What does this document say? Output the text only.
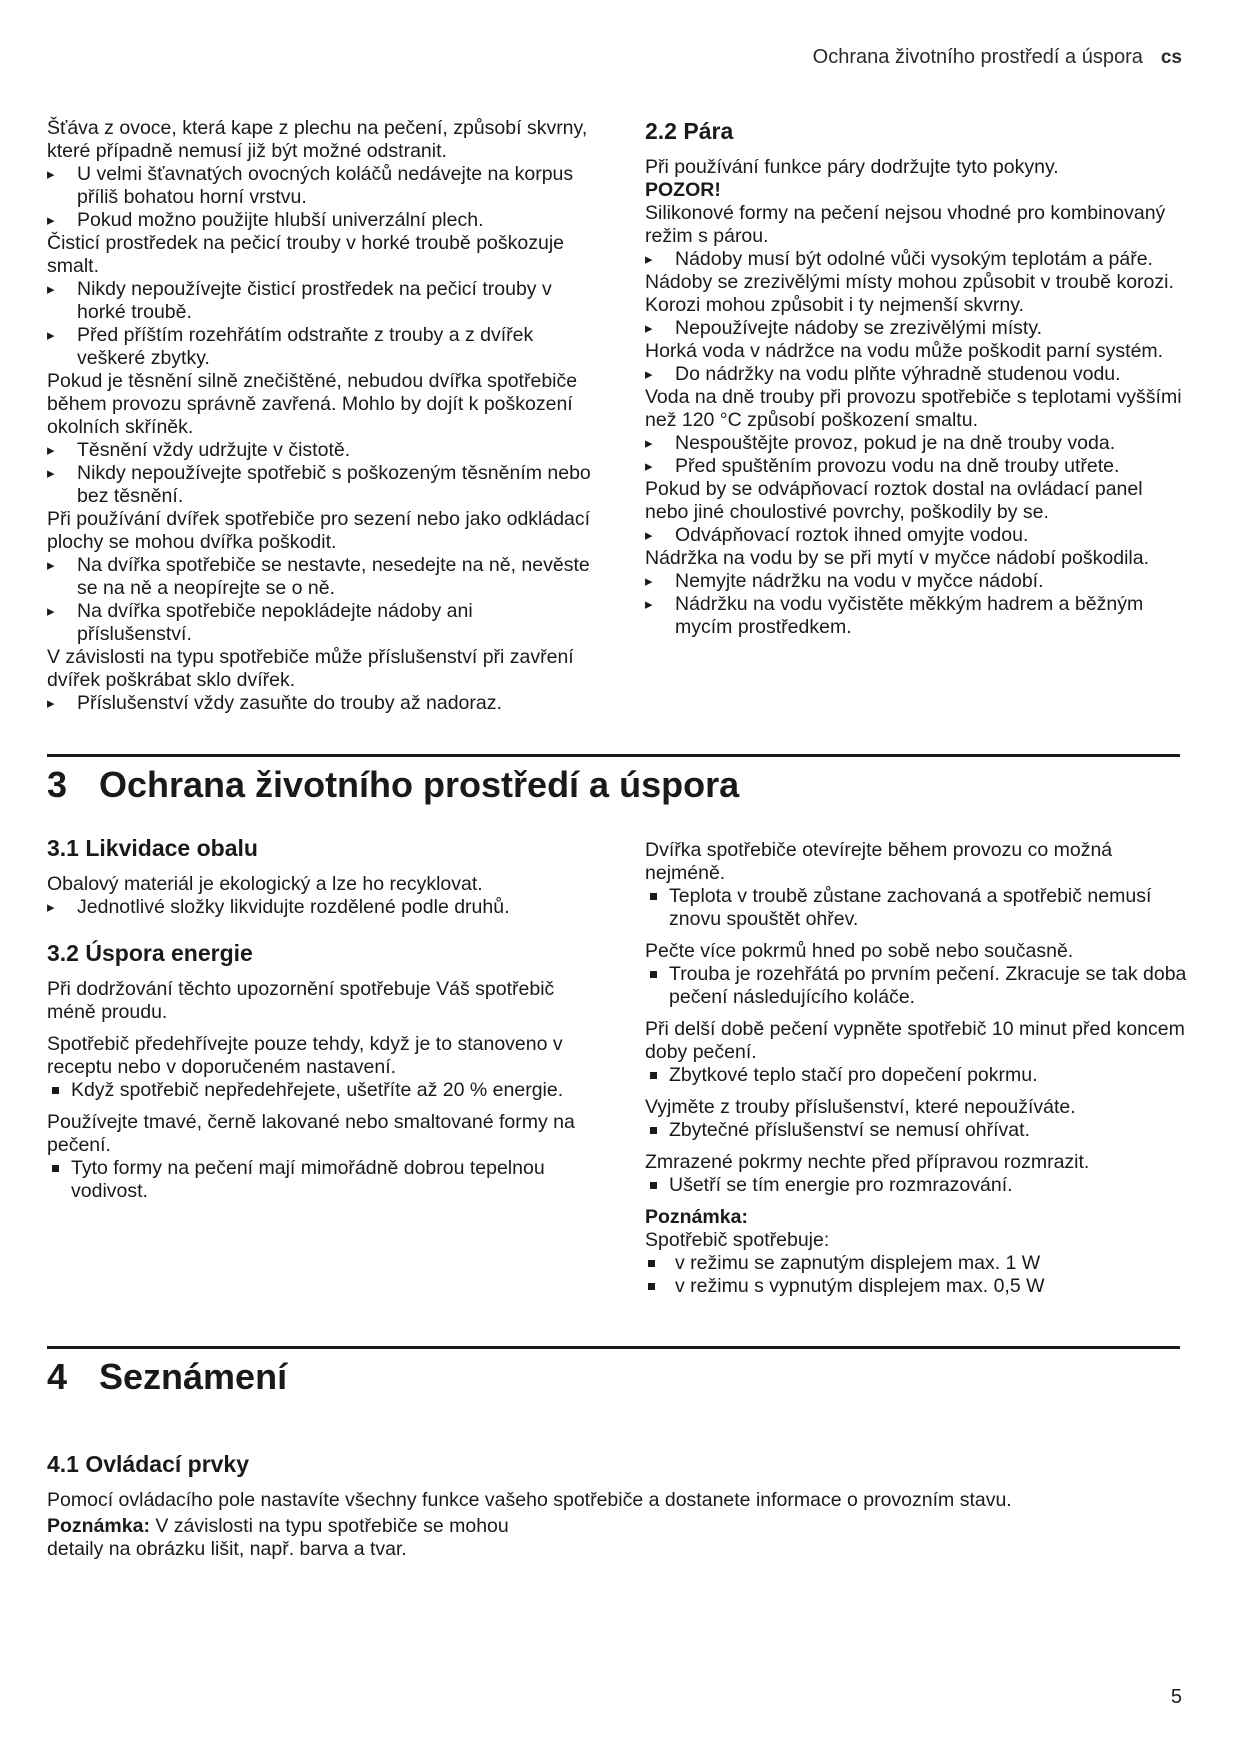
Ochrana životního prostředí a úspora cs

Šťáva z ovoce, která kape z plechu na pečení, způsobí skvrny, které případně nemusí již být možné odstranit.

▸ U velmi šťavnatých ovocných koláčů nedávejte na korpus příliš bohatou horní vrstvu.

▸ Pokud možno použijte hlubší univerzální plech.

Čisticí prostředek na pečicí trouby v horké troubě poškozuje smalt.

▸ Nikdy nepoužívejte čisticí prostředek na pečicí trouby v horké troubě.

▸ Před příštím rozehřátím odstraňte z trouby a z dvířek veškeré zbytky.

Pokud je těsnění silně znečištěné, nebudou dvířka spotřebiče během provozu správně zavřená. Mohlo by dojít k poškození okolních skříněk.

▸ Těsnění vždy udržujte v čistotě.

▸ Nikdy nepoužívejte spotřebič s poškozeným těsněním nebo bez těsnění.

Při používání dvířek spotřebiče pro sezení nebo jako odkládací plochy se mohou dvířka poškodit.

▸ Na dvířka spotřebiče se nestavte, nesedejte na ně, nevěste se na ně a neopírejte se o ně.

▸ Na dvířka spotřebiče nepokládejte nádoby ani příslušenství.

V závislosti na typu spotřebiče může příslušenství při zavření dvířek poškrábat sklo dvířek.

▸ Příslušenství vždy zasuňte do trouby až nadoraz.

2.2 Pára

Při používání funkce páry dodržujte tyto pokyny.

POZOR!

Silikonové formy na pečení nejsou vhodné pro kombinovaný režim s párou.

▸ Nádoby musí být odolné vůči vysokým teplotám a páře.

Nádoby se zrezivělými místy mohou způsobit v troubě korozi. Korozi mohou způsobit i ty nejmenší skvrny.

▸ Nepoužívejte nádoby se zrezivělými místy.

Horká voda v nádržce na vodu může poškodit parní systém.

▸ Do nádržky na vodu plňte výhradně studenou vodu.

Voda na dně trouby při provozu spotřebiče s teplotami vyššími než 120 °C způsobí poškození smaltu.

▸ Nespouštějte provoz, pokud je na dně trouby voda.

▸ Před spuštěním provozu vodu na dně trouby utřete.

Pokud by se odvápňovací roztok dostal na ovládací panel nebo jiné choulostivé povrchy, poškodily by se.

▸ Odvápňovací roztok ihned omyjte vodou.

Nádržka na vodu by se při mytí v myčce nádobí poškodila.

▸ Nemyjte nádržku na vodu v myčce nádobí.

▸ Nádržku na vodu vyčistěte měkkým hadrem a běžným mycím prostředkem.

3 Ochrana životního prostředí a úspora
3.1 Likvidace obalu

Obalový materiál je ekologický a lze ho recyklovat.

▸ Jednotlivé složky likvidujte rozdělené podle druhů.

3.2 Úspora energie

Při dodržování těchto upozornění spotřebuje Váš spotřebič méně proudu.

Spotřebič předehřívejte pouze tehdy, když je to stanoveno v receptu nebo v doporučeném nastavení.

Když spotřebič nepředehřejete, ušetříte až 20 % energie.

Používejte tmavé, černě lakované nebo smaltované formy na pečení.

Tyto formy na pečení mají mimořádně dobrou tepelnou vodivost.

Dvířka spotřebiče otevírejte během provozu co možná nejméně.

Teplota v troubě zůstane zachovaná a spotřebič nemusí znovu spouštět ohřev.

Pečte více pokrmů hned po sobě nebo současně.

Trouba je rozehřátá po prvním pečení. Zkracuje se tak doba pečení následujícího koláče.

Při delší době pečení vypněte spotřebič 10 minut před koncem doby pečení.

Zbytkové teplo stačí pro dopečení pokrmu.

Vyjměte z trouby příslušenství, které nepoužíváte.

Zbytečné příslušenství se nemusí ohřívat.

Zmrazené pokrmy nechte před přípravou rozmrazit.

Ušetří se tím energie pro rozmrazování.

Poznámka:

Spotřebič spotřebuje:

v režimu se zapnutým displejem max. 1 W

v režimu s vypnutým displejem max. 0,5 W

4 Seznámení
4.1 Ovládací prvky

Pomocí ovládacího pole nastavíte všechny funkce vašeho spotřebiče a dostanete informace o provozním stavu.

Poznámka: V závislosti na typu spotřebiče se mohou

detaily na obrázku lišit, např. barva a tvar.

5
